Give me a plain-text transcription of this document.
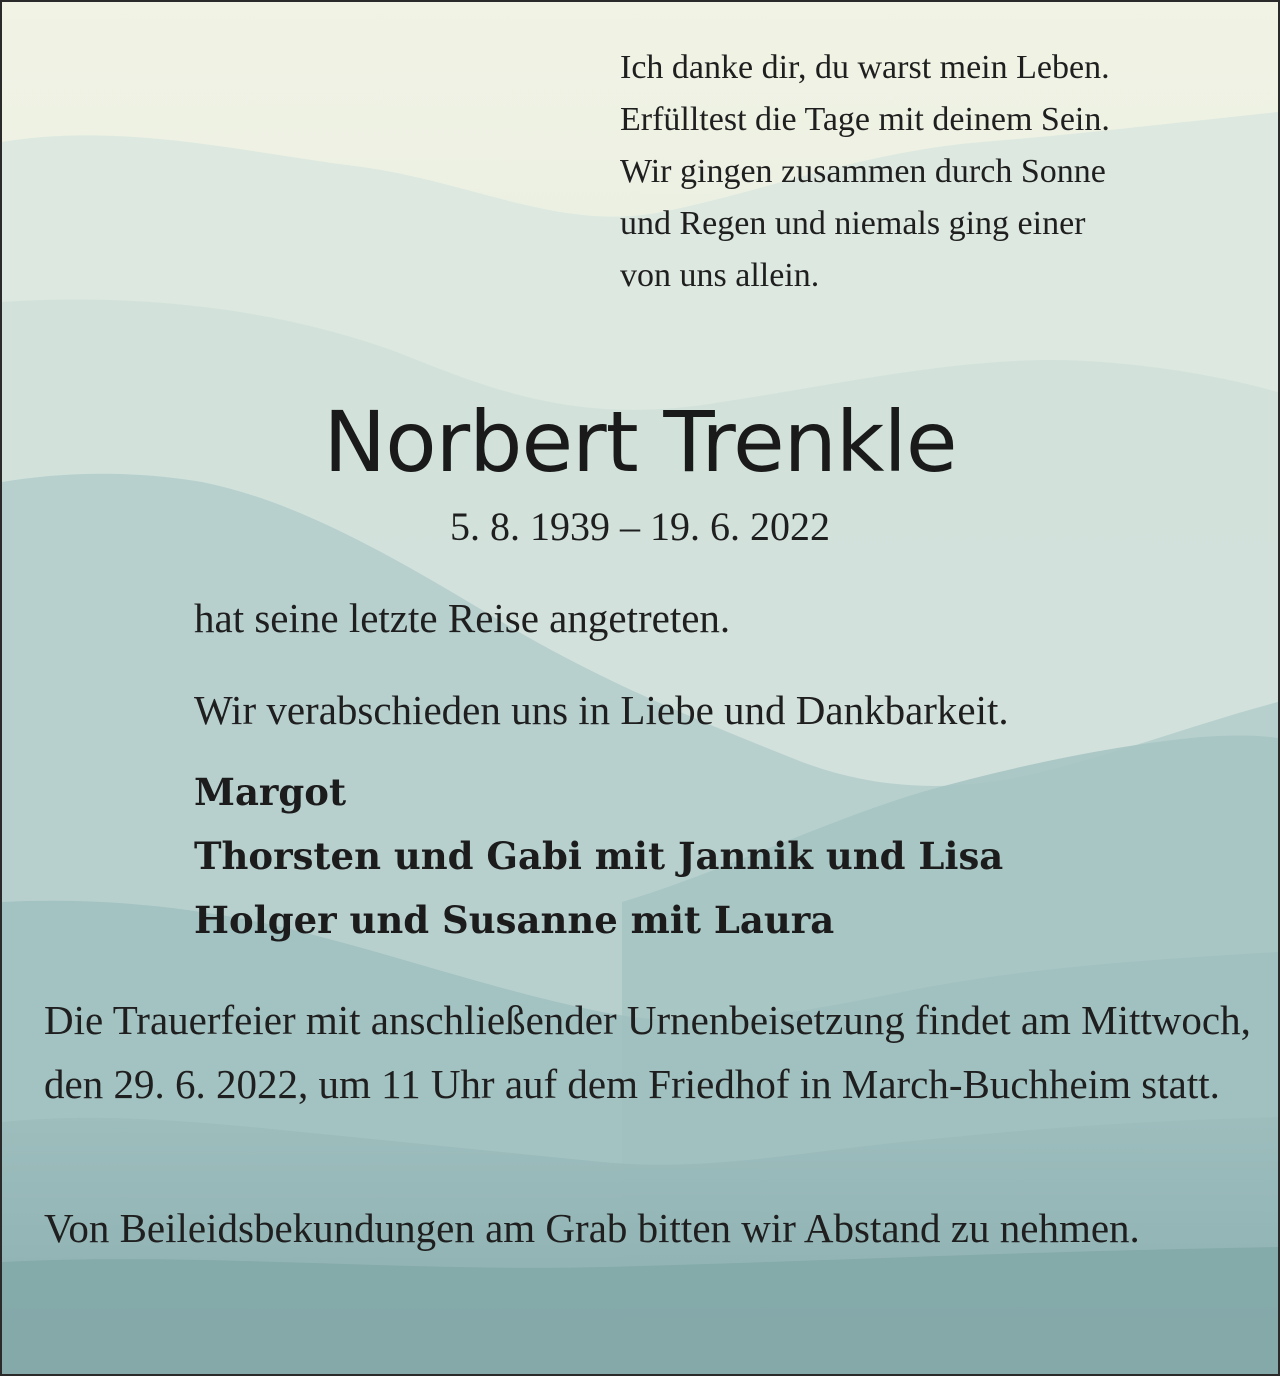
Ich danke dir, du warst mein Leben.
Erfülltest die Tage mit deinem Sein.
Wir gingen zusammen durch Sonne
und Regen und niemals ging einer
von uns allein.
Norbert Trenkle
5. 8. 1939 – 19. 6. 2022
hat seine letzte Reise angetreten.
Wir verabschieden uns in Liebe und Dankbarkeit.
Margot
Thorsten und Gabi mit Jannik und Lisa
Holger und Susanne mit Laura
Die Trauerfeier mit anschließender Urnenbeisetzung findet am Mittwoch, den 29. 6. 2022, um 11 Uhr auf dem Friedhof in March-Buchheim statt.
Von Beileidsbekundungen am Grab bitten wir Abstand zu nehmen.
